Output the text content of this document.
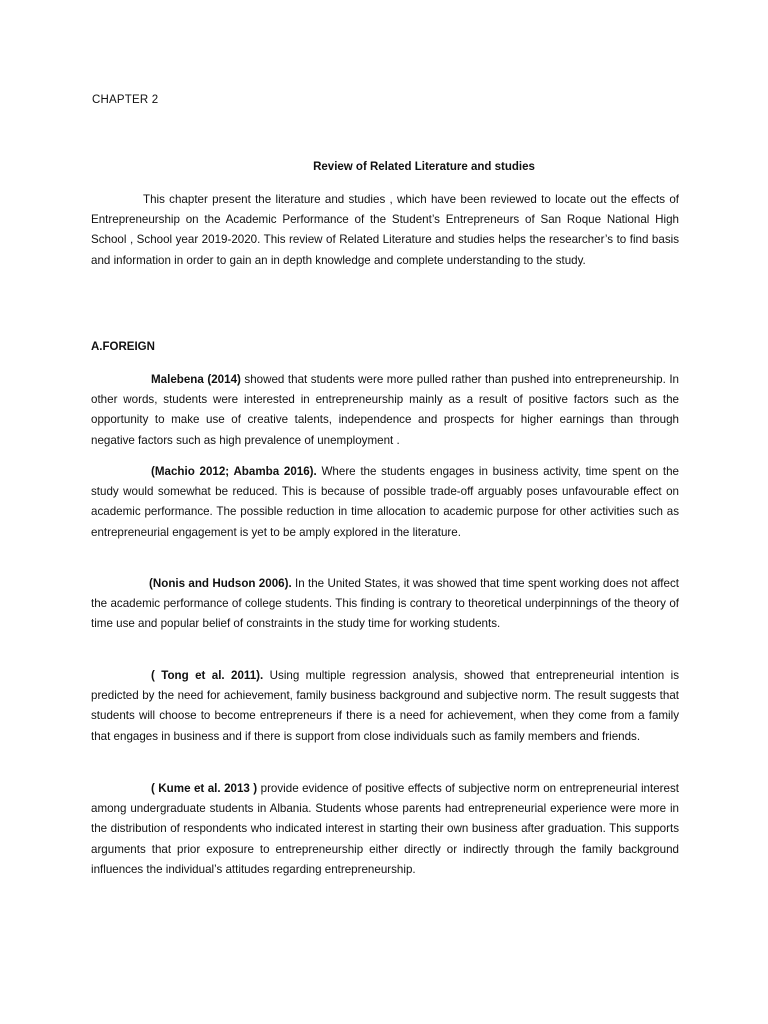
CHAPTER 2
Review of Related Literature and studies

This chapter present the literature and studies , which have been reviewed to locate out the effects of Entrepreneurship on the Academic Performance of the Student’s Entrepreneurs of San Roque National High School , School year 2019-2020. This review of Related Literature and studies helps the researcher’s to find basis and information in order to gain an in depth knowledge and complete understanding to the study.

A.FOREIGN

Malebena (2014) showed that students were more pulled rather than pushed into entrepreneurship. In other words, students were interested in entrepreneurship mainly as a result of positive factors such as the opportunity to make use of creative talents, independence and prospects for higher earnings than through negative factors such as high prevalence of unemployment .

(Machio 2012; Abamba 2016). Where the students engages in business activity, time spent on the study would somewhat be reduced. This is because of possible trade-off arguably poses unfavourable effect on academic performance. The possible reduction in time allocation to academic purpose for other activities such as entrepreneurial engagement is yet to be amply explored in the literature.

(Nonis and Hudson 2006). In the United States, it was showed that time spent working does not affect the academic performance of college students. This finding is contrary to theoretical underpinnings of the theory of time use and popular belief of constraints in the study time for working students.

( Tong et al. 2011). Using multiple regression analysis, showed that entrepreneurial intention is predicted by the need for achievement, family business background and subjective norm. The result suggests that students will choose to become entrepreneurs if there is a need for achievement, when they come from a family that engages in business and if there is support from close individuals such as family members and friends.

( Kume et al. 2013 ) provide evidence of positive effects of subjective norm on entrepreneurial interest among undergraduate students in Albania. Students whose parents had entrepreneurial experience were more in the distribution of respondents who indicated interest in starting their own business after graduation. This supports arguments that prior exposure to entrepreneurship either directly or indirectly through the family background influences the individual’s attitudes regarding entrepreneurship.
